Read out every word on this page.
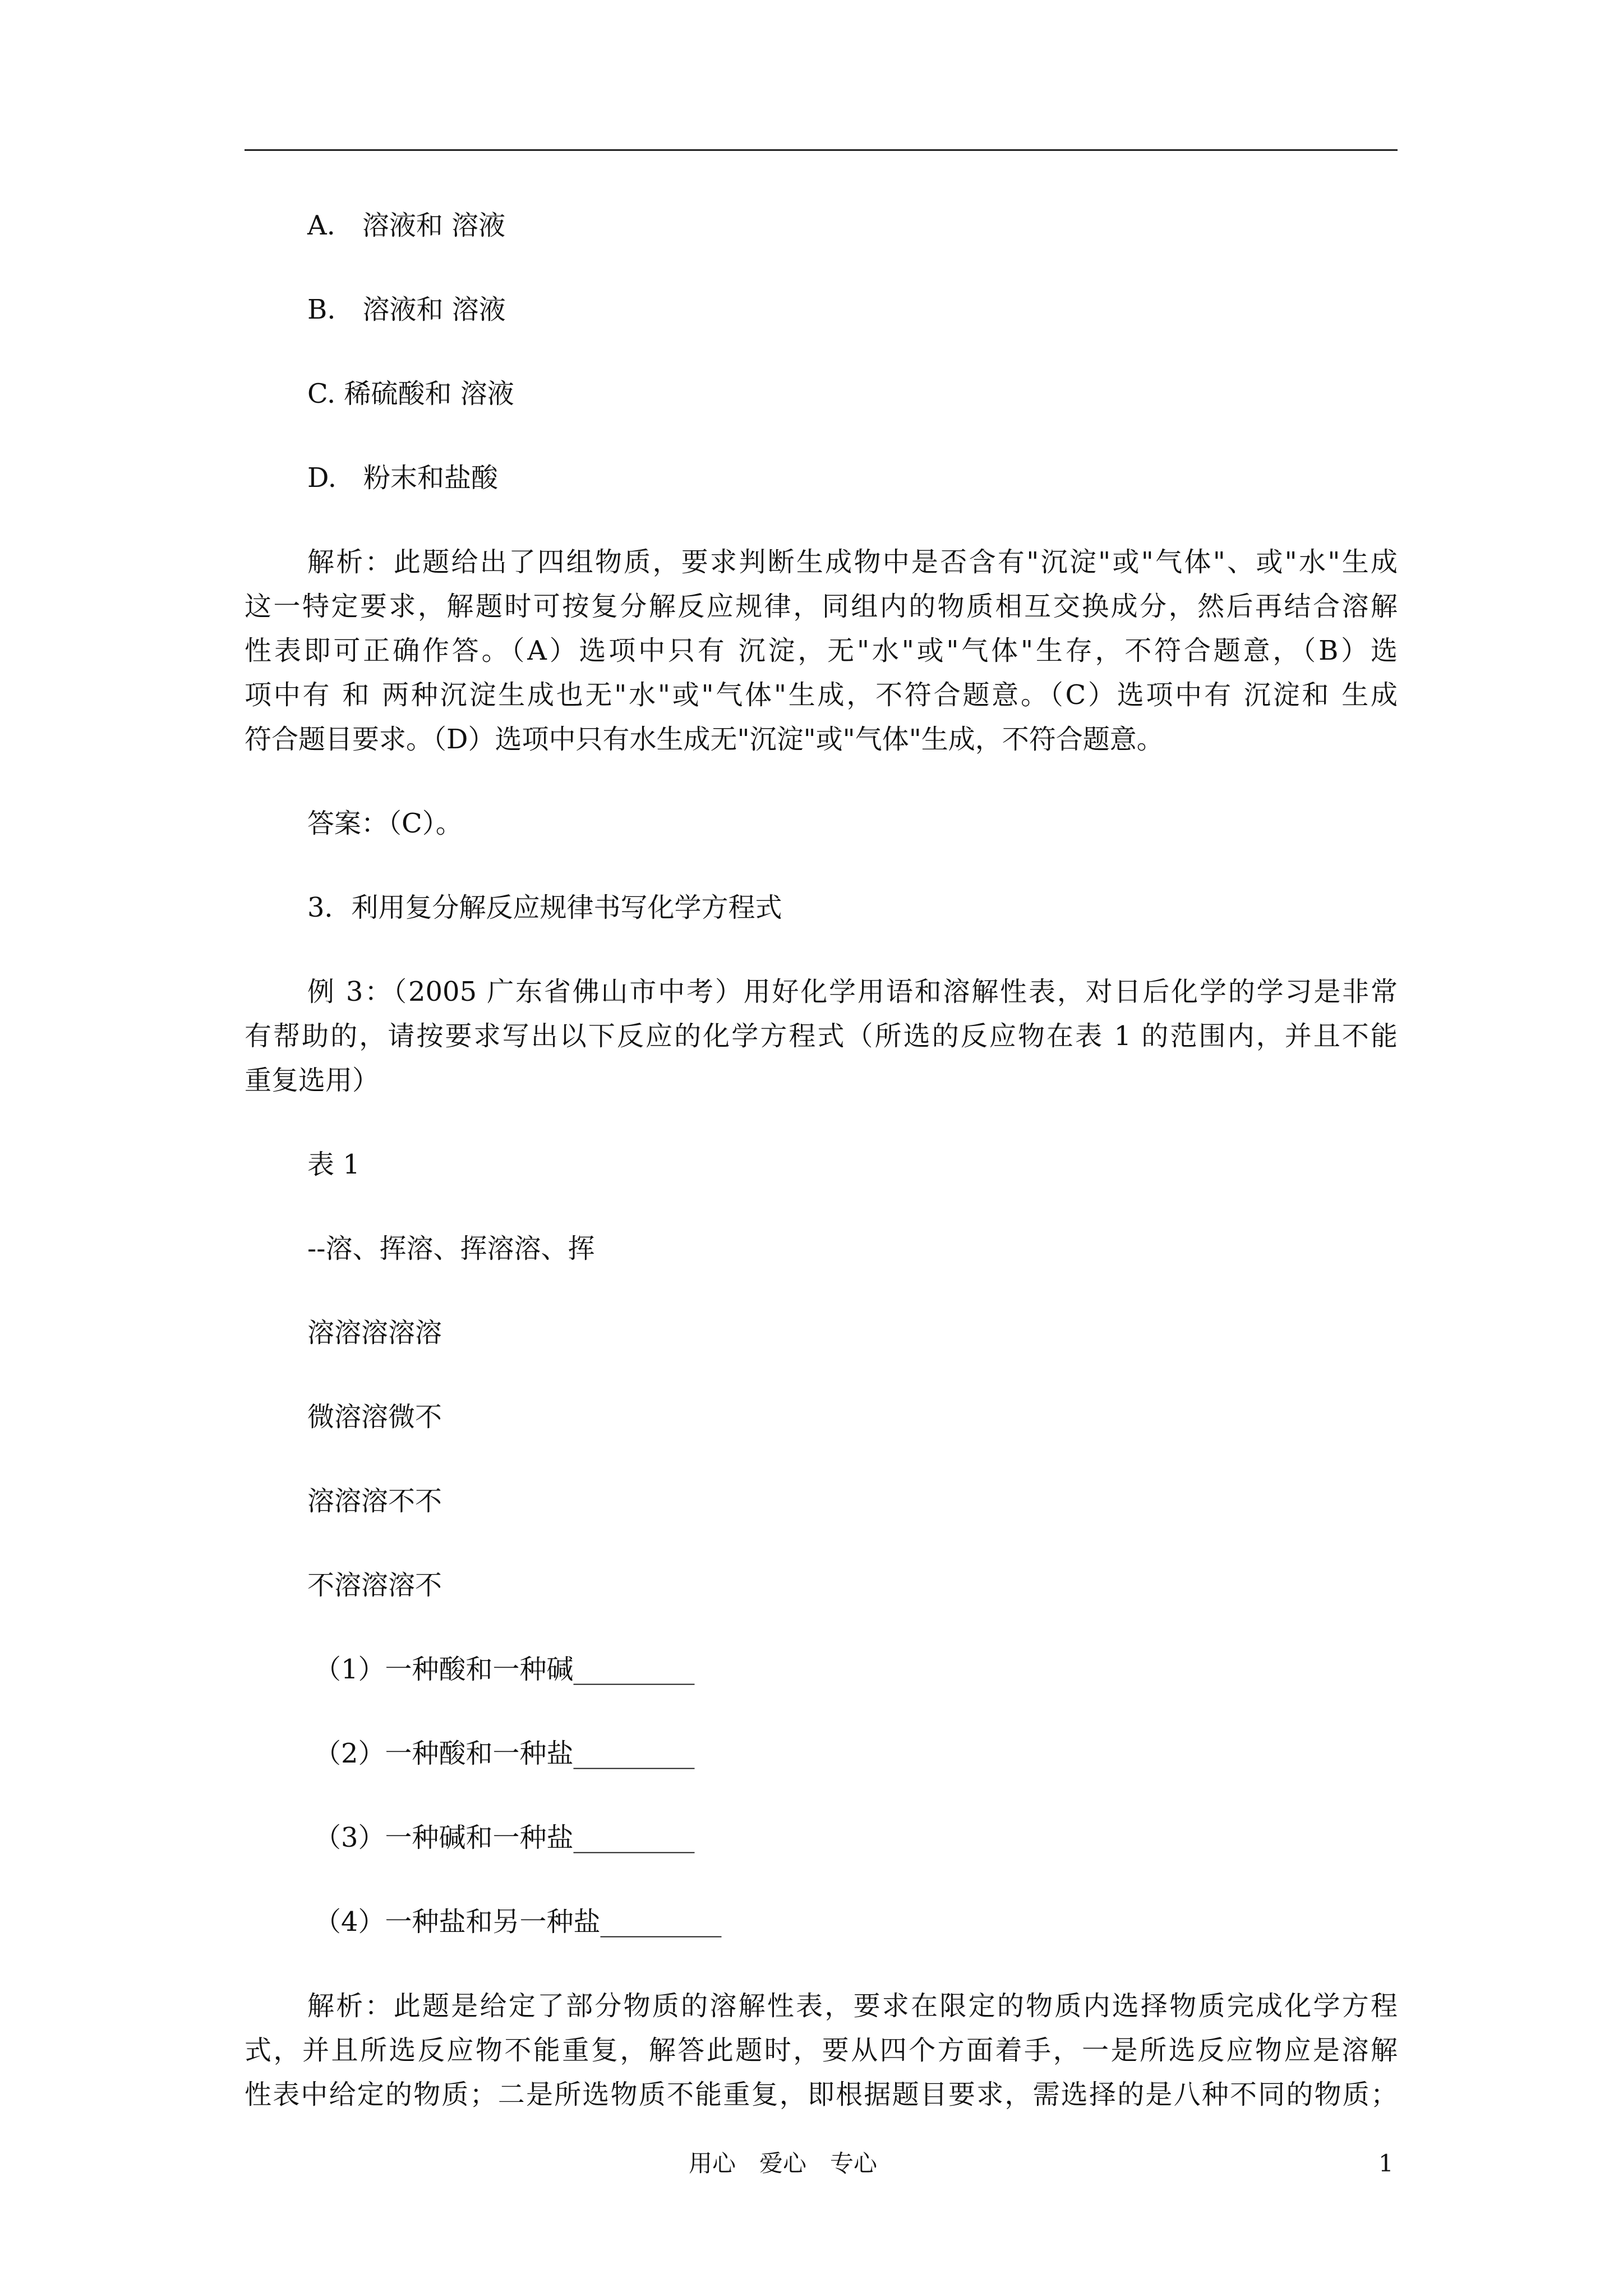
A.　溶液和 溶液
B.　溶液和 溶液
C. 稀硫酸和 溶液
D.　粉末和盐酸
解析：此题给出了四组物质，要求判断生成物中是否含有"沉淀"或"气体"、或"水"生成
这一特定要求，解题时可按复分解反应规律，同组内的物质相互交换成分，然后再结合溶解
性表即可正确作答。（A）选项中只有 沉淀，无"水"或"气体"生存，不符合题意，（B）选
项中有 和 两种沉淀生成也无"水"或"气体"生成，不符合题意。（C）选项中有 沉淀和 生成
符合题目要求。（D）选项中只有水生成无"沉淀"或"气体"生成，不符合题意。
答案：（C）。
3．利用复分解反应规律书写化学方程式
例 3：（2005 广东省佛山市中考）用好化学用语和溶解性表，对日后化学的学习是非常
有帮助的，请按要求写出以下反应的化学方程式（所选的反应物在表 1 的范围内，并且不能
重复选用）
表 1
--溶、挥溶、挥溶溶、挥
溶溶溶溶溶
微溶溶微不
溶溶溶不不
不溶溶溶不
（1）一种酸和一种碱_________
（2）一种酸和一种盐_________
（3）一种碱和一种盐_________
（4）一种盐和另一种盐_________
解析：此题是给定了部分物质的溶解性表，要求在限定的物质内选择物质完成化学方程
式，并且所选反应物不能重复，解答此题时，要从四个方面着手，一是所选反应物应是溶解
性表中给定的物质；二是所选物质不能重复，即根据题目要求，需选择的是八种不同的物质；
用心　爱心　专心	1
